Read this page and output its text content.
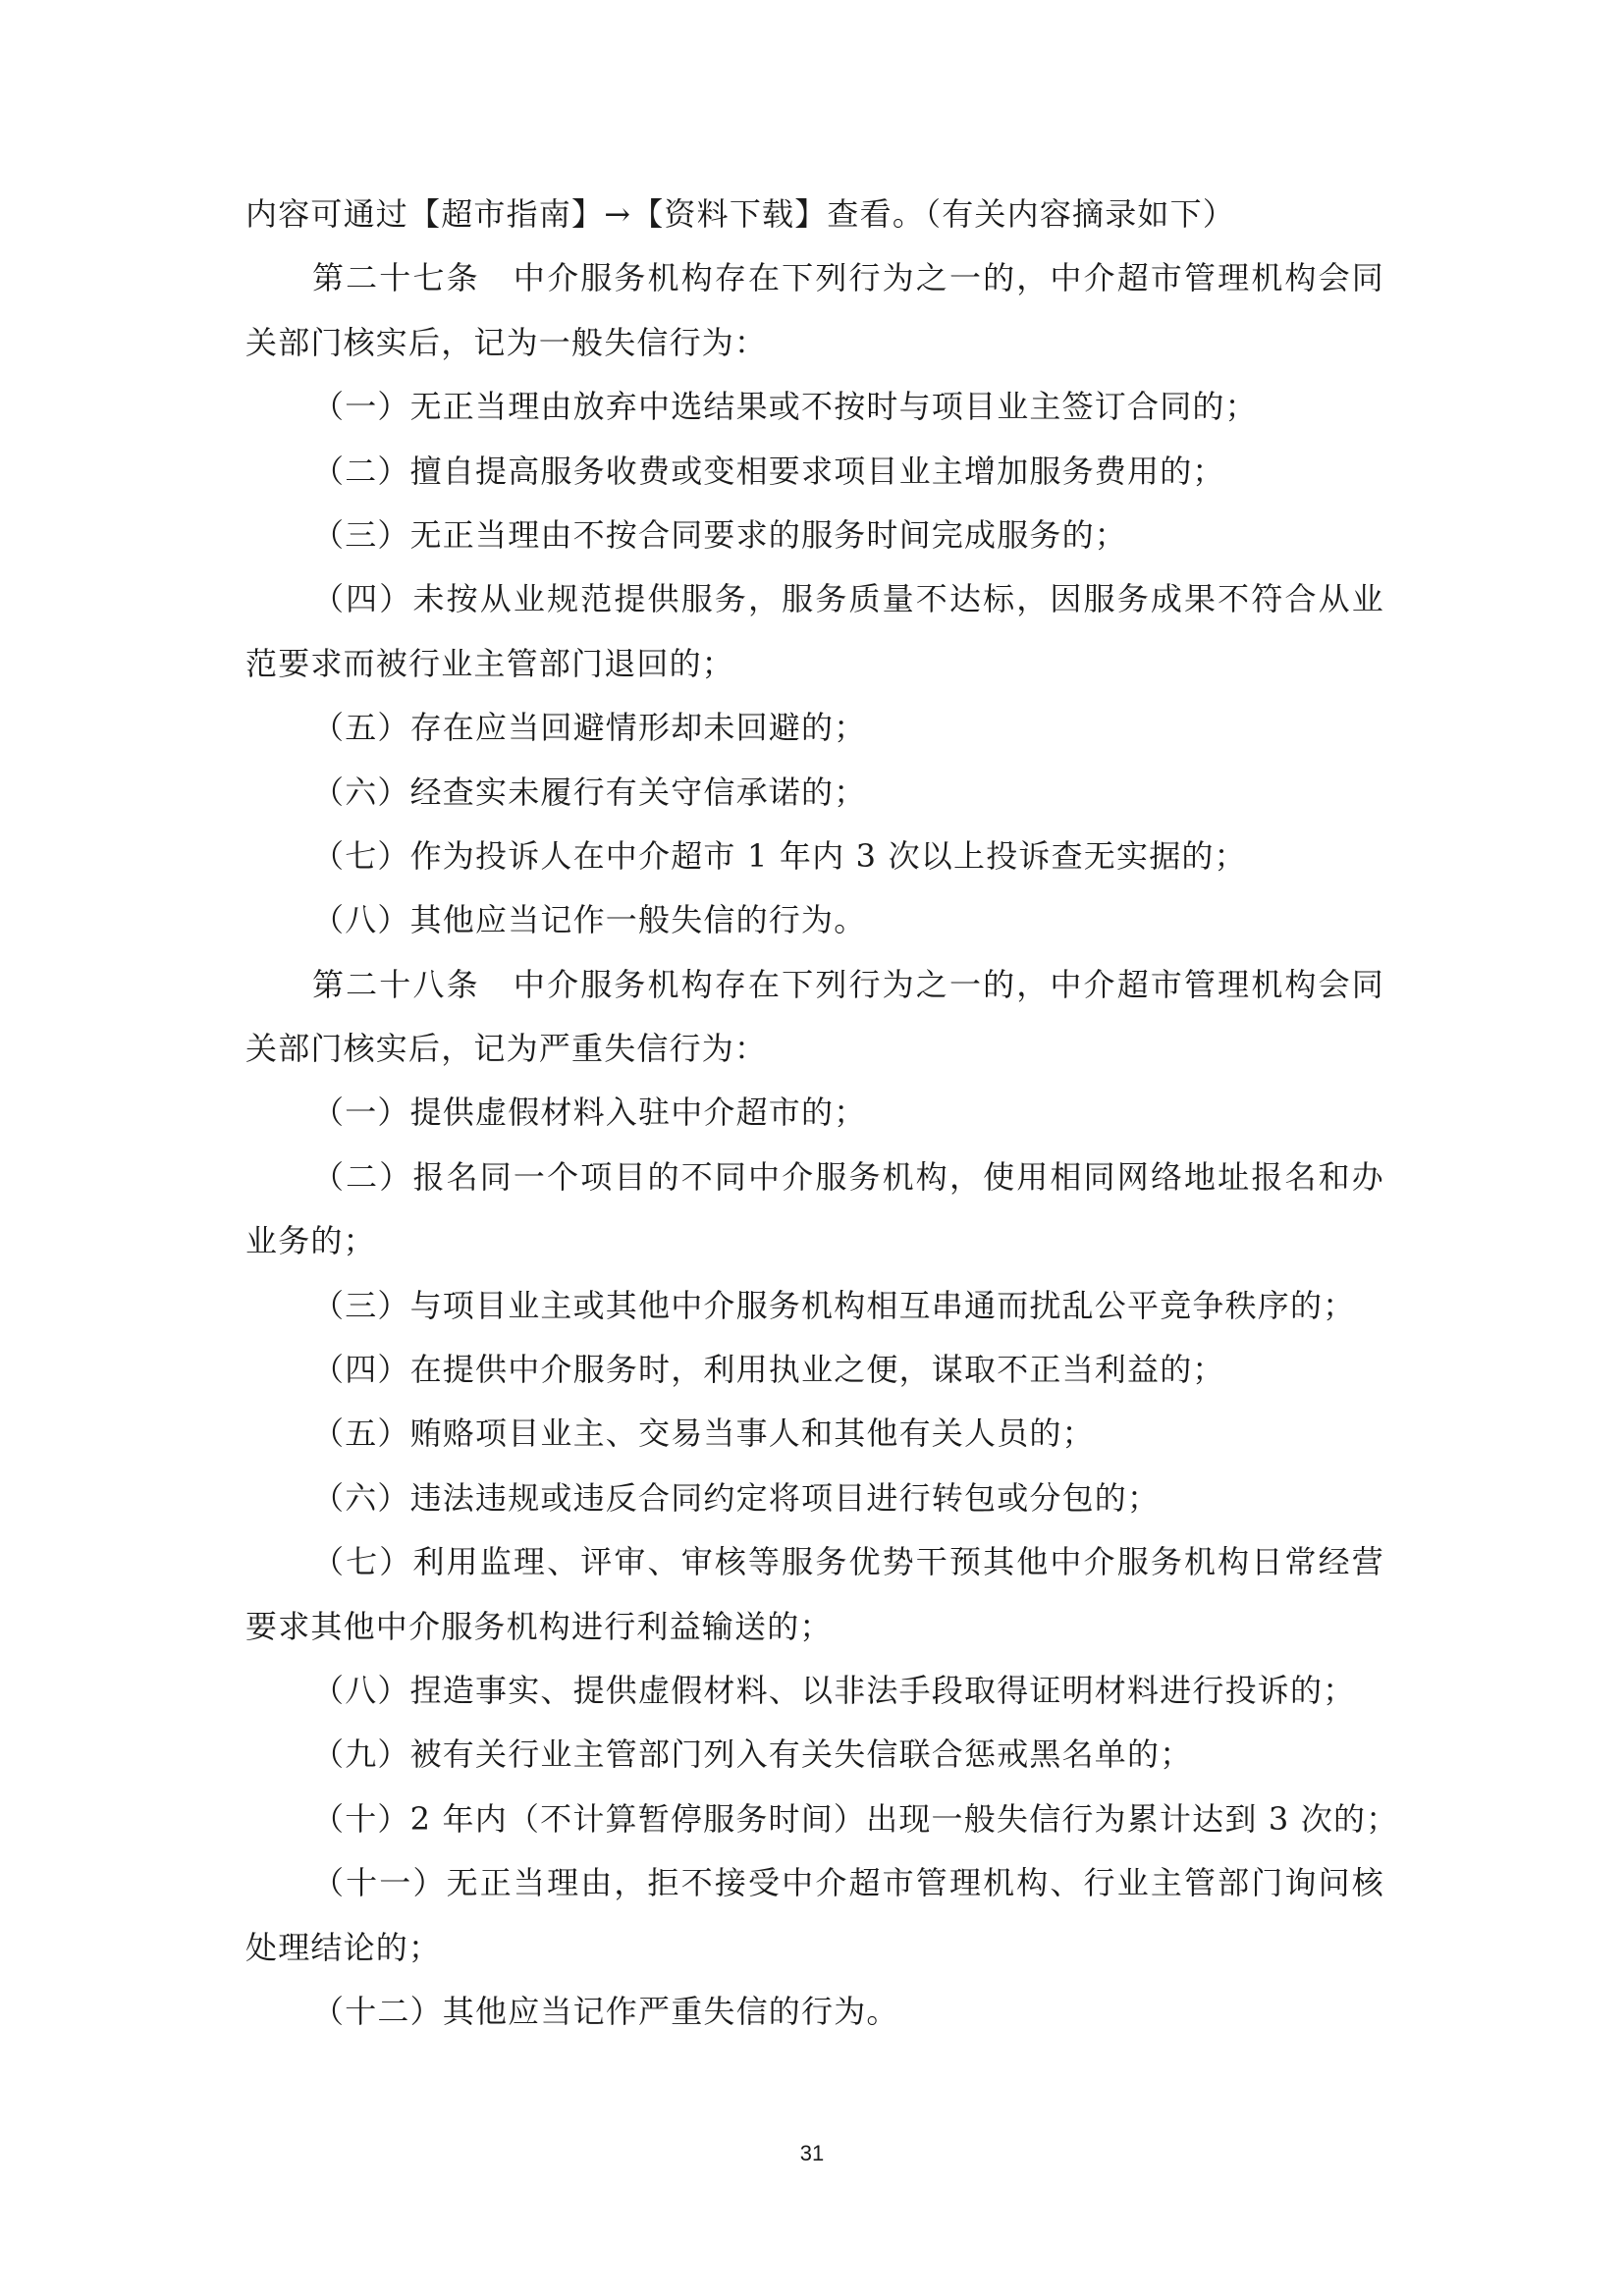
内容可通过【超市指南】→【资料下载】查看。（有关内容摘录如下）
第二十七条　中介服务机构存在下列行为之一的，中介超市管理机构会同
关部门核实后，记为一般失信行为：
（一）无正当理由放弃中选结果或不按时与项目业主签订合同的；
（二）擅自提高服务收费或变相要求项目业主增加服务费用的；
（三）无正当理由不按合同要求的服务时间完成服务的；
（四）未按从业规范提供服务，服务质量不达标，因服务成果不符合从业
范要求而被行业主管部门退回的；
（五）存在应当回避情形却未回避的；
（六）经查实未履行有关守信承诺的；
（七）作为投诉人在中介超市 1 年内 3 次以上投诉查无实据的；
（八）其他应当记作一般失信的行为。
第二十八条　中介服务机构存在下列行为之一的，中介超市管理机构会同
关部门核实后，记为严重失信行为：
（一）提供虚假材料入驻中介超市的；
（二）报名同一个项目的不同中介服务机构，使用相同网络地址报名和办
业务的；
（三）与项目业主或其他中介服务机构相互串通而扰乱公平竞争秩序的；
（四）在提供中介服务时，利用执业之便，谋取不正当利益的；
（五）贿赂项目业主、交易当事人和其他有关人员的；
（六）违法违规或违反合同约定将项目进行转包或分包的；
（七）利用监理、评审、审核等服务优势干预其他中介服务机构日常经营
要求其他中介服务机构进行利益输送的；
（八）捏造事实、提供虚假材料、以非法手段取得证明材料进行投诉的；
（九）被有关行业主管部门列入有关失信联合惩戒黑名单的；
（十）2 年内（不计算暂停服务时间）出现一般失信行为累计达到 3 次的；
（十一）无正当理由，拒不接受中介超市管理机构、行业主管部门询问核
处理结论的；
（十二）其他应当记作严重失信的行为。
31
